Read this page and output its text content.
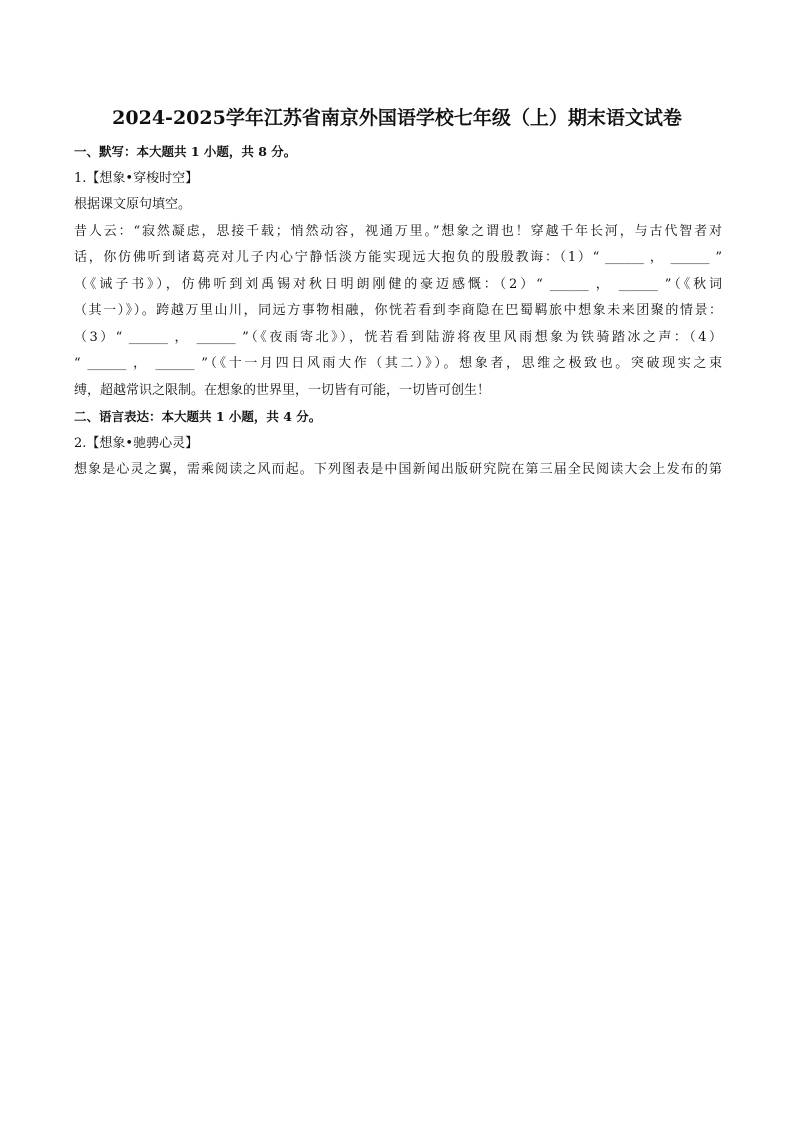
2024-2025学年江苏省南京外国语学校七年级（上）期末语文试卷
一、默写：本大题共 1 小题，共 8 分。
1.【想象•穿梭时空】
根据课文原句填空。
昔人云：“寂然凝虑，思接千载；悄然动容，视通万里。”想象之谓也！穿越千年长河，与古代智者对
话，你仿佛听到诸葛亮对儿子内心宁静恬淡方能实现远大抱负的殷殷教诲：（1）“ ______ ， ______ ”
（《诫子书》），仿佛听到刘禹锡对秋日明朗刚健的豪迈感慨：（2）“ ______ ， ______ ”（《秋词
（其一）》）。跨越万里山川，同远方事物相融，你恍若看到李商隐在巴蜀羁旅中想象未来团聚的情景：
（3）“ ______ ， ______ ”（《夜雨寄北》），恍若看到陆游将夜里风雨想象为铁骑踏冰之声：（4）
“ ______ ， ______ ”（《十一月四日风雨大作（其二）》）。想象者，思维之极致也。突破现实之束
缚，超越常识之限制。在想象的世界里，一切皆有可能，一切皆可创生！
二、语言表达：本大题共 1 小题，共 4 分。
2.【想象•驰骋心灵】
想象是心灵之翼，需乘阅读之风而起。下列图表是中国新闻出版研究院在第三届全民阅读大会上发布的第
